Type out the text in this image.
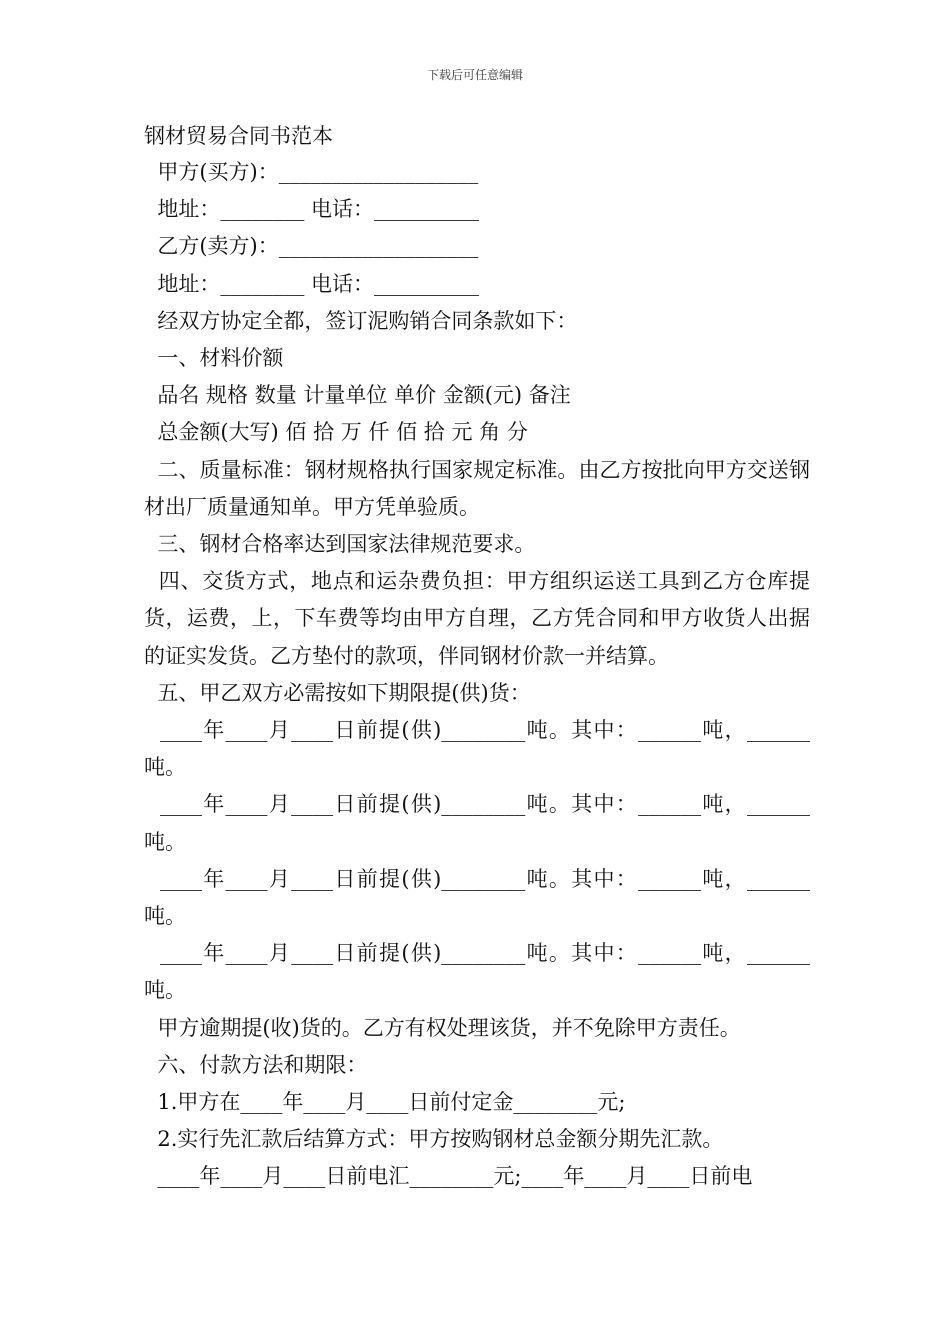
下载后可任意编辑
钢材贸易合同书范本

甲方(买方)：___________________

地址：________ 电话：__________

乙方(卖方)：___________________

地址：________ 电话：__________

经双方协定全都，签订泥购销合同条款如下：

一、材料价额

品名 规格 数量 计量单位 单价 金额(元) 备注

总金额(大写) 佰 拾 万 仟 佰 拾 元 角 分

二、质量标准：钢材规格执行国家规定标准。由乙方按批向甲方交送钢材出厂质量通知单。甲方凭单验质。

三、钢材合格率达到国家法律规范要求。

四、交货方式，地点和运杂费负担：甲方组织运送工具到乙方仓库提货，运费，上，下车费等均由甲方自理，乙方凭合同和甲方收货人出据的证实发货。乙方垫付的款项，伴同钢材价款一并结算。

五、甲乙双方必需按如下期限提(供)货：

____年____月____日前提(供)________吨。其中：______吨，______吨。

____年____月____日前提(供)________吨。其中：______吨，______吨。

____年____月____日前提(供)________吨。其中：______吨，______吨。

____年____月____日前提(供)________吨。其中：______吨，______吨。

甲方逾期提(收)货的。乙方有权处理该货，并不免除甲方责任。

六、付款方法和期限：

1.甲方在____年____月____日前付定金________元;

2.实行先汇款后结算方式：甲方按购钢材总金额分期先汇款。

____年____月____日前电汇________元;____年____月____日前电
